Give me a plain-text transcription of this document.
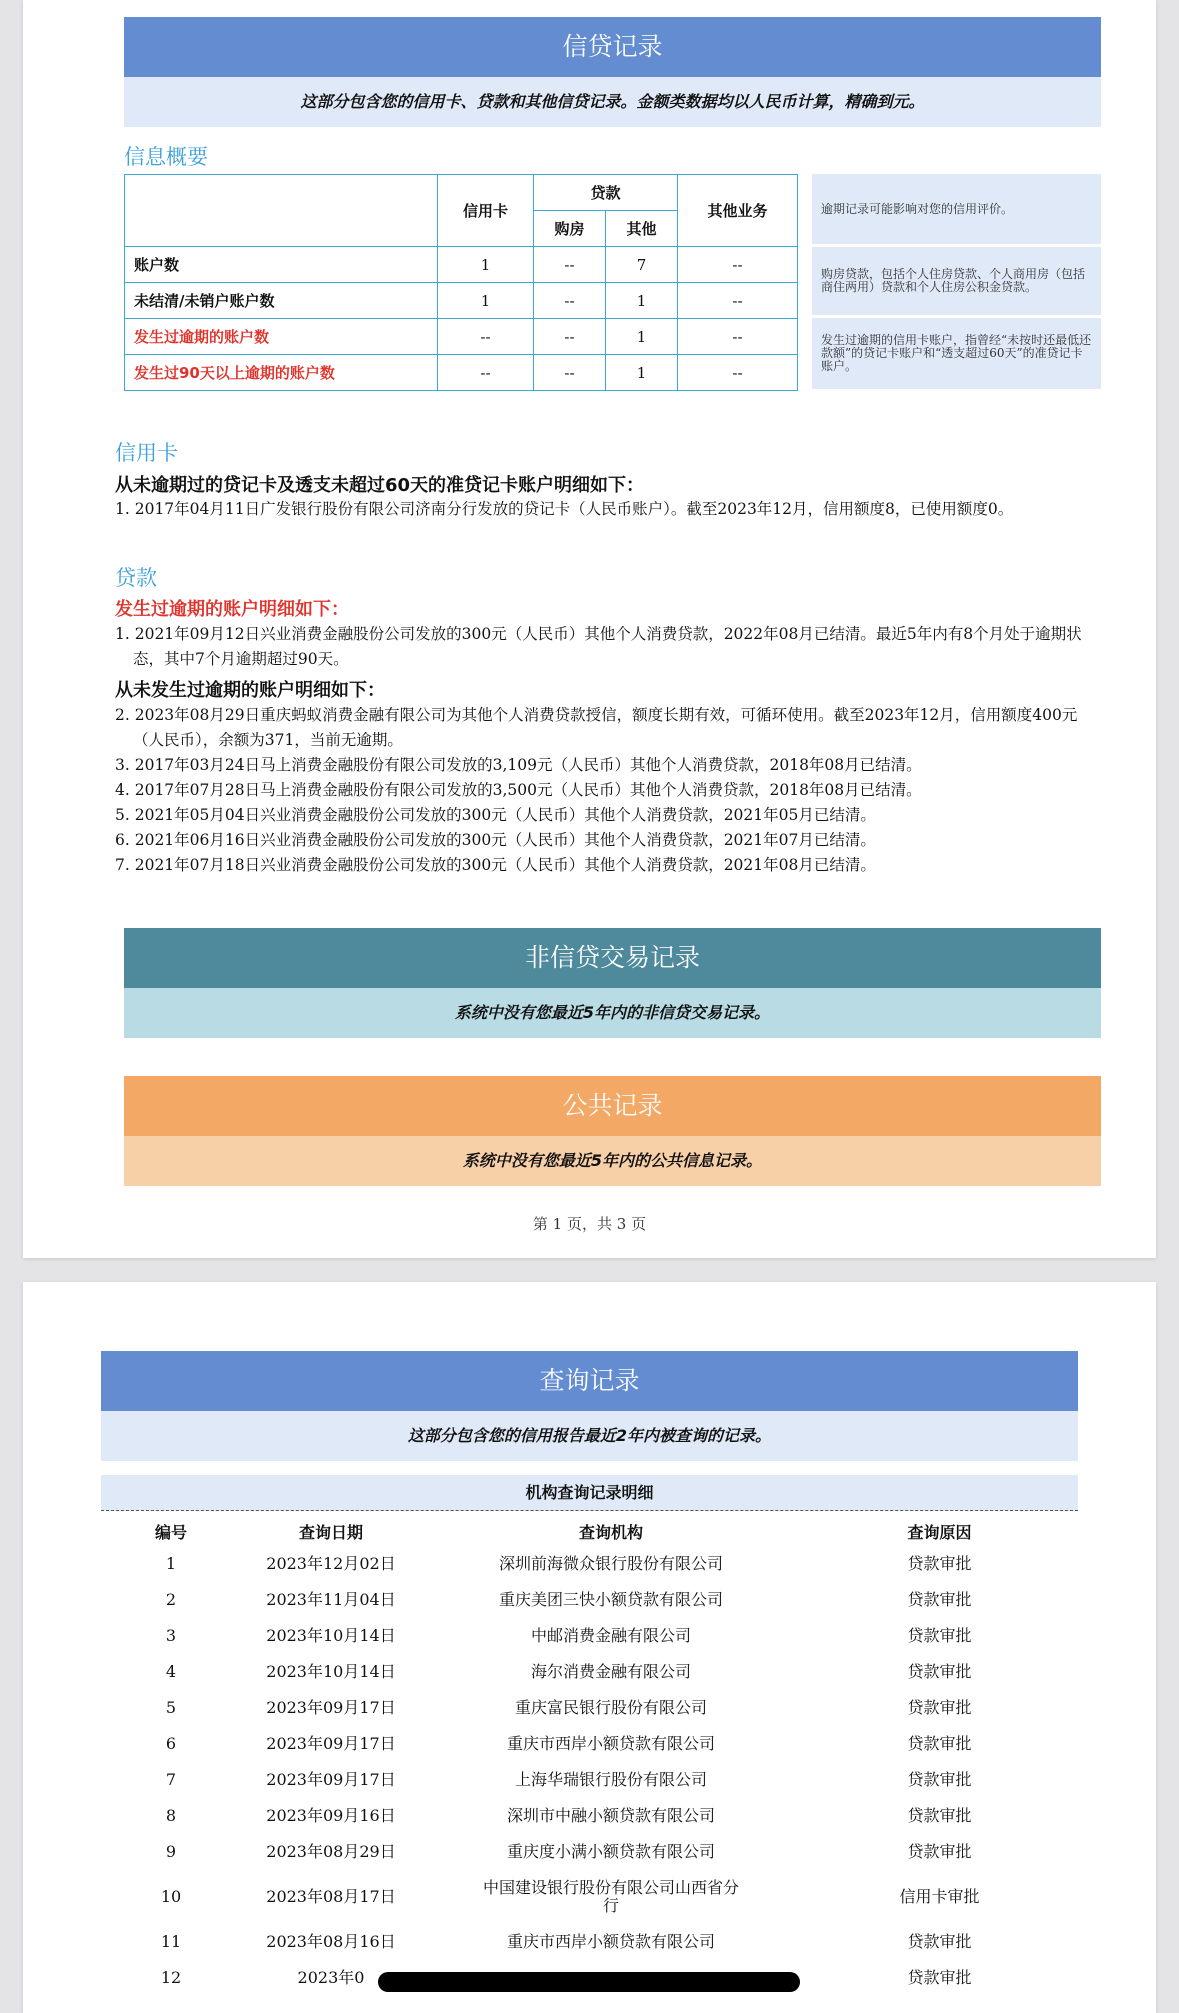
信贷记录
这部分包含您的信用卡、贷款和其他信贷记录。金额类数据均以人民币计算，精确到元。
信息概要
	信用卡	贷款		其他业务
		购房	其他	
账户数	1	--	7	--
未结清/未销户账户数	1	--	1	--
发生过逾期的账户数	--	--	1	--
发生过90天以上逾期的账户数	--	--	1	--
逾期记录可能影响对您的信用评价。
购房贷款，包括个人住房贷款、个人商用房（包括商住两用）贷款和个人住房公积金贷款。
发生过逾期的信用卡账户，指曾经“未按时还最低还款额”的贷记卡账户和“透支超过60天”的准贷记卡账户。
信用卡
从未逾期过的贷记卡及透支未超过60天的准贷记卡账户明细如下：
1. 2017年04月11日广发银行股份有限公司济南分行发放的贷记卡（人民币账户）。截至2023年12月，信用额度8，已使用额度0。
贷款
发生过逾期的账户明细如下：
1. 2021年09月12日兴业消费金融股份公司发放的300元（人民币）其他个人消费贷款，2022年08月已结清。最近5年内有8个月处于逾期状态，其中7个月逾期超过90天。
从未发生过逾期的账户明细如下：
2. 2023年08月29日重庆蚂蚁消费金融有限公司为其他个人消费贷款授信，额度长期有效，可循环使用。截至2023年12月，信用额度400元（人民币），余额为371，当前无逾期。
3. 2017年03月24日马上消费金融股份有限公司发放的3,109元（人民币）其他个人消费贷款，2018年08月已结清。
4. 2017年07月28日马上消费金融股份有限公司发放的3,500元（人民币）其他个人消费贷款，2018年08月已结清。
5. 2021年05月04日兴业消费金融股份公司发放的300元（人民币）其他个人消费贷款，2021年05月已结清。
6. 2021年06月16日兴业消费金融股份公司发放的300元（人民币）其他个人消费贷款，2021年07月已结清。
7. 2021年07月18日兴业消费金融股份公司发放的300元（人民币）其他个人消费贷款，2021年08月已结清。
非信贷交易记录
系统中没有您最近5年内的非信贷交易记录。
公共记录
系统中没有您最近5年内的公共信息记录。
第 1 页，共 3 页
查询记录
这部分包含您的信用报告最近2年内被查询的记录。
机构查询记录明细
编号	查询日期	查询机构	查询原因
1	2023年12月02日	深圳前海微众银行股份有限公司	贷款审批
2	2023年11月04日	重庆美团三快小额贷款有限公司	贷款审批
3	2023年10月14日	中邮消费金融有限公司	贷款审批
4	2023年10月14日	海尔消费金融有限公司	贷款审批
5	2023年09月17日	重庆富民银行股份有限公司	贷款审批
6	2023年09月17日	重庆市西岸小额贷款有限公司	贷款审批
7	2023年09月17日	上海华瑞银行股份有限公司	贷款审批
8	2023年09月16日	深圳市中融小额贷款有限公司	贷款审批
9	2023年08月29日	重庆度小满小额贷款有限公司	贷款审批
10	2023年08月17日	中国建设银行股份有限公司山西省分行	信用卡审批
11	2023年08月16日	重庆市西岸小额贷款有限公司	贷款审批
12	2023年0		贷款审批
